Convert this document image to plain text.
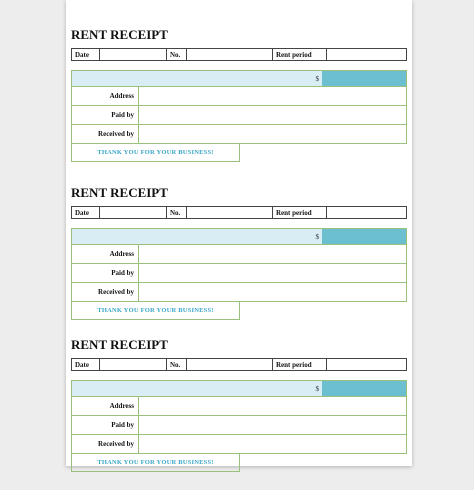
RENT RECEIPT
Date	No.	Rent period
$
Address
Paid by
Received by
THANK YOU FOR YOUR BUSINESS!
RENT RECEIPT
Date	No.	Rent period
$
Address
Paid by
Received by
THANK YOU FOR YOUR BUSINESS!
RENT RECEIPT
Date	No.	Rent period
$
Address
Paid by
Received by
THANK YOU FOR YOUR BUSINESS!
